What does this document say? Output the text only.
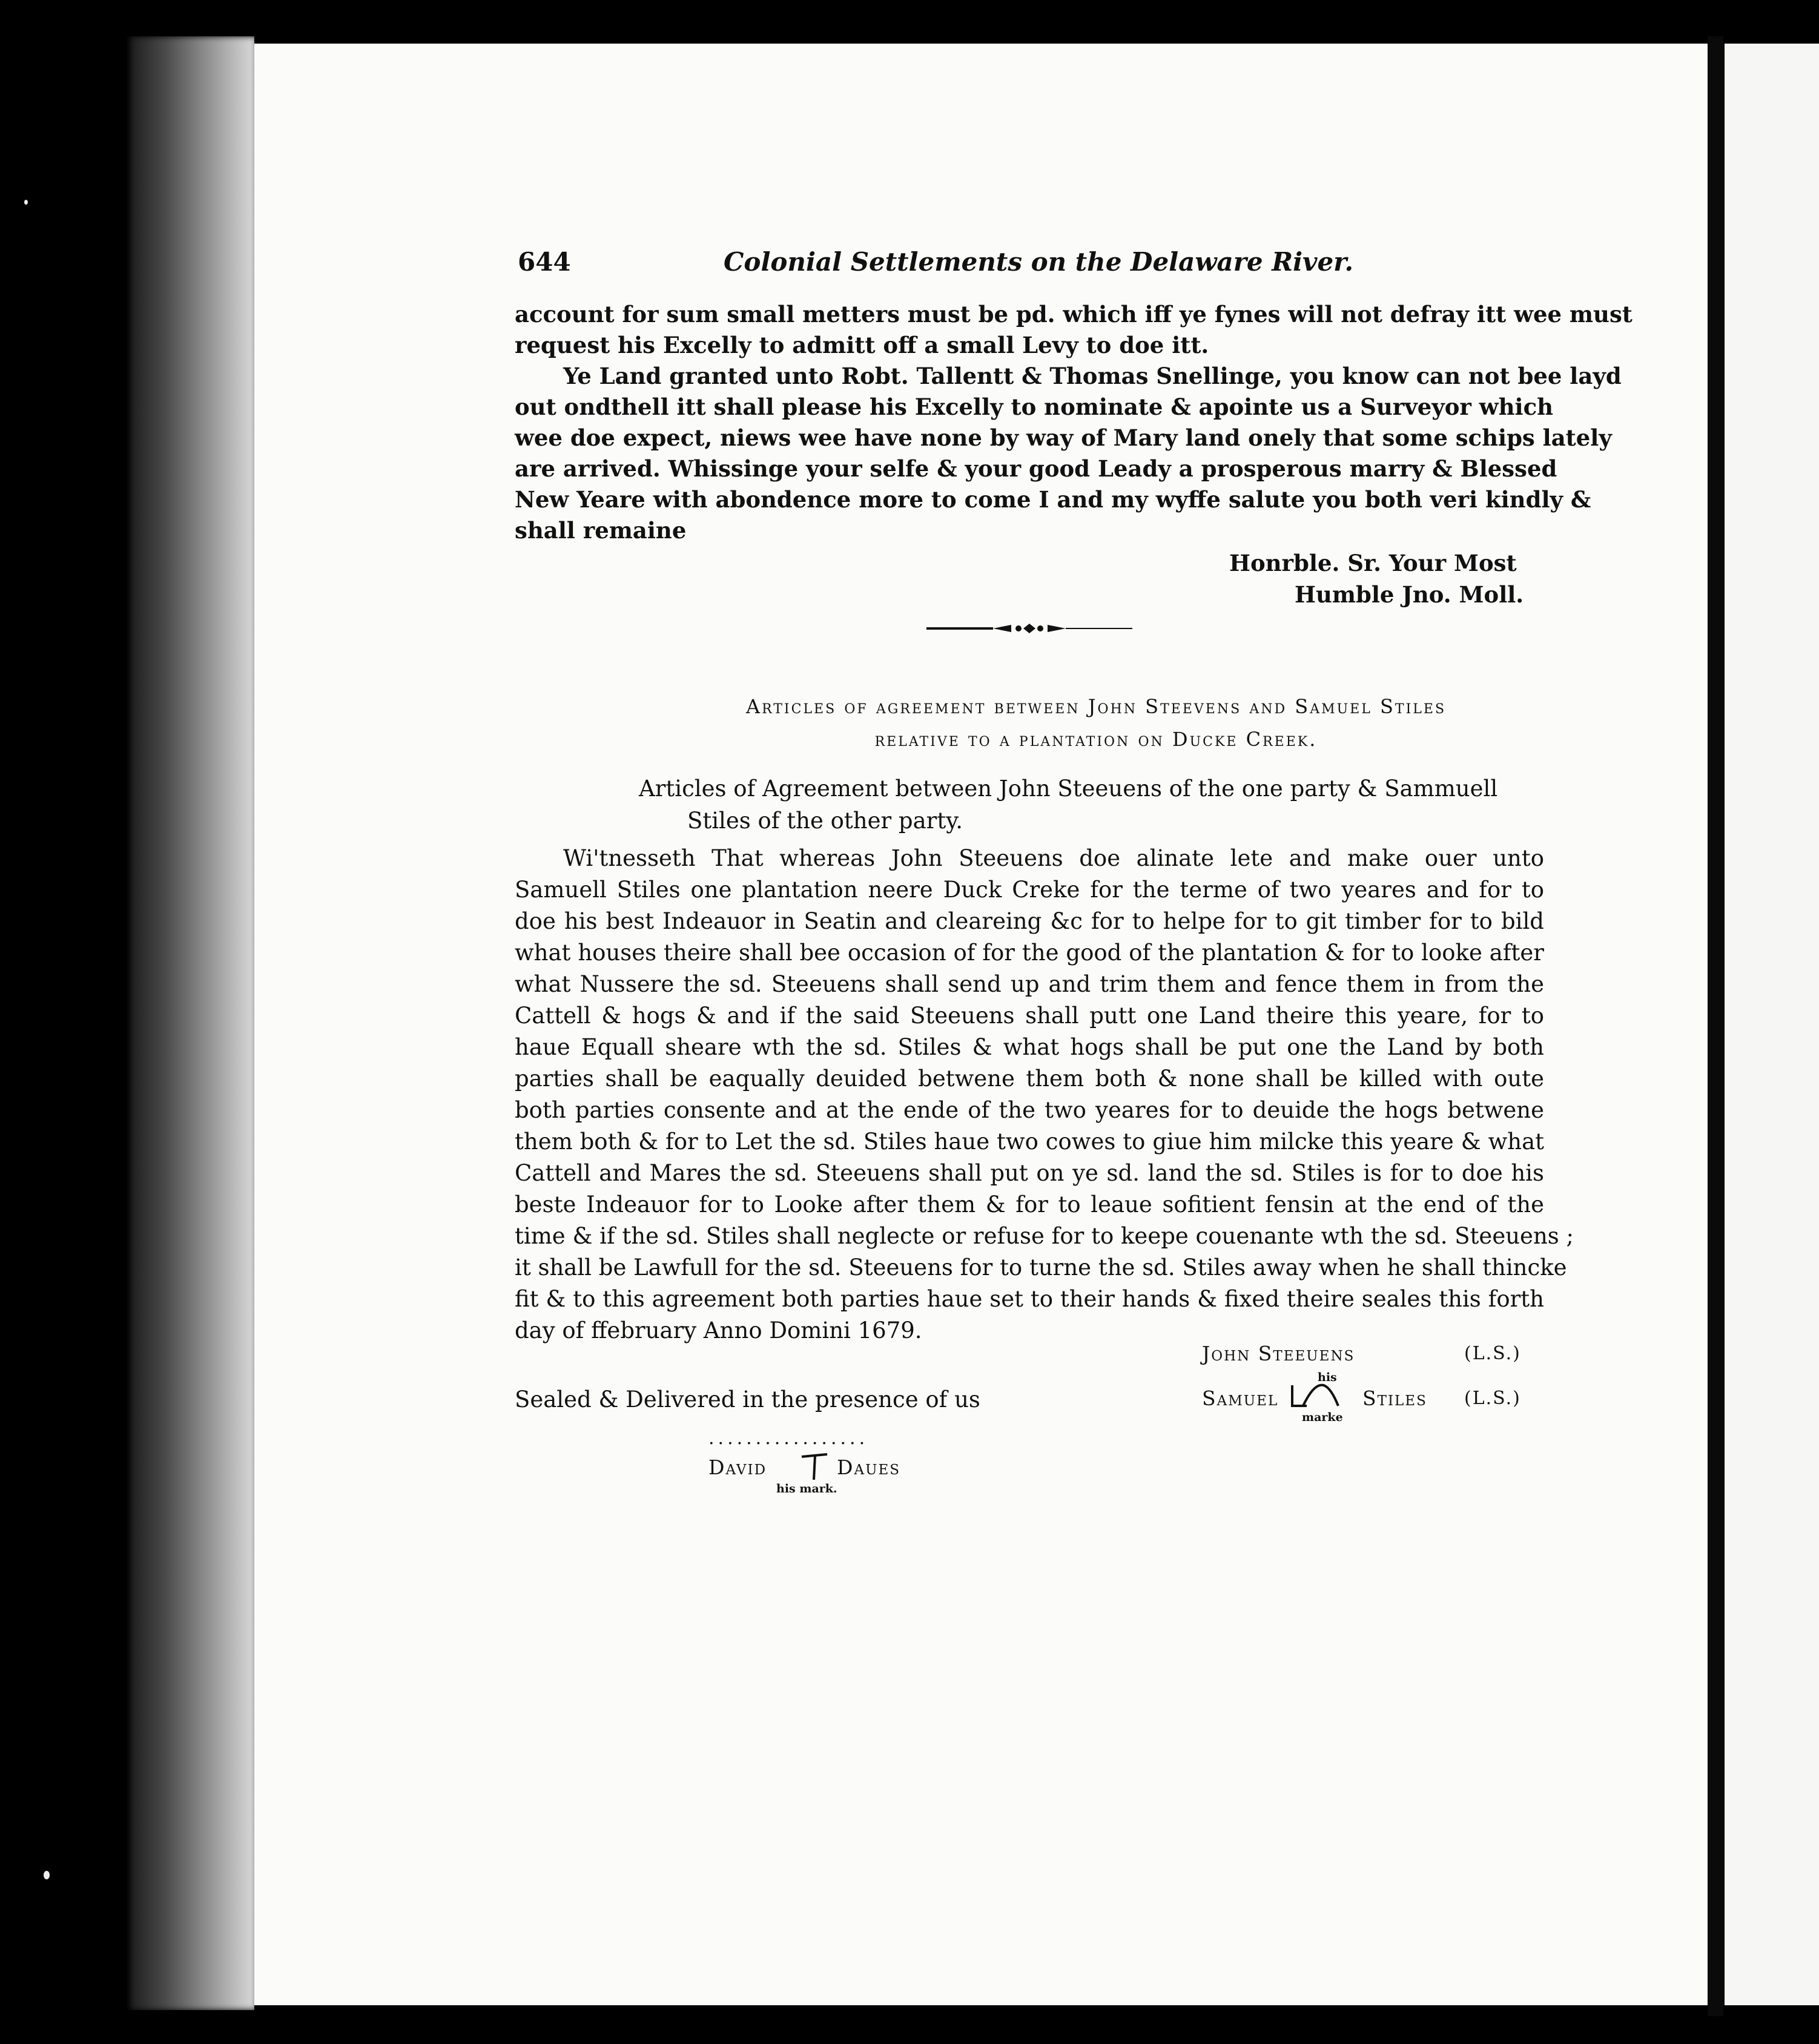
644	Colonial Settlements on the Delaware River.
account for sum small metters must be pd. which iff ye fynes will not defray itt wee must
request his Excelly to admitt off a small Levy to doe itt.
Ye Land granted unto Robt. Tallentt & Thomas Snellinge, you know can not bee layd
out ondthell itt shall please his Excelly to nominate & apointe us a Surveyor which
wee doe expect, niews wee have none by way of Mary land onely that some schips lately
are arrived. Whissinge your selfe & your good Leady a prosperous marry & Blessed
New Yeare with abondence more to come I and my wyffe salute you both veri kindly &
shall remaine
Honrble. Sr. Your Most
Humble Jno. Moll.
Articles of agreement between John Steevens and Samuel Stiles
relative to a plantation on Ducke Creek.
Articles of Agreement between John Steeuens of the one party & Sammuell
Stiles of the other party.
Wi'tnesseth That whereas John Steeuens doe alinate lete and make ouer unto
Samuell Stiles one plantation neere Duck Creke for the terme of two yeares and for to
doe his best Indeauor in Seatin and cleareing &c for to helpe for to git timber for to bild
what houses theire shall bee occasion of for the good of the plantation & for to looke after
what Nussere the sd. Steeuens shall send up and trim them and fence them in from the
Cattell & hogs & and if the said Steeuens shall putt one Land theire this yeare, for to
haue Equall sheare wth the sd. Stiles & what hogs shall be put one the Land by both
parties shall be eaqually deuided betwene them both & none shall be killed with oute
both parties consente and at the ende of the two yeares for to deuide the hogs betwene
them both & for to Let the sd. Stiles haue two cowes to giue him milcke this yeare & what
Cattell and Mares the sd. Steeuens shall put on ye sd. land the sd. Stiles is for to doe his
beste Indeauor for to Looke after them & for to leaue sofitient fensin at the end of the
time & if the sd. Stiles shall neglecte or refuse for to keepe couenante wth the sd. Steeuens ;
it shall be Lawfull for the sd. Steeuens for to turne the sd. Stiles away when he shall thincke
fit & to this agreement both parties haue set to their hands & fixed theire seales this forth
day of ffebruary Anno Domini 1679.
John Steeuens	(L.S.)
his
Samuel	Stiles (L.S.)
marke
Sealed & Delivered in the presence of us
.................
David	Daues
his mark.
